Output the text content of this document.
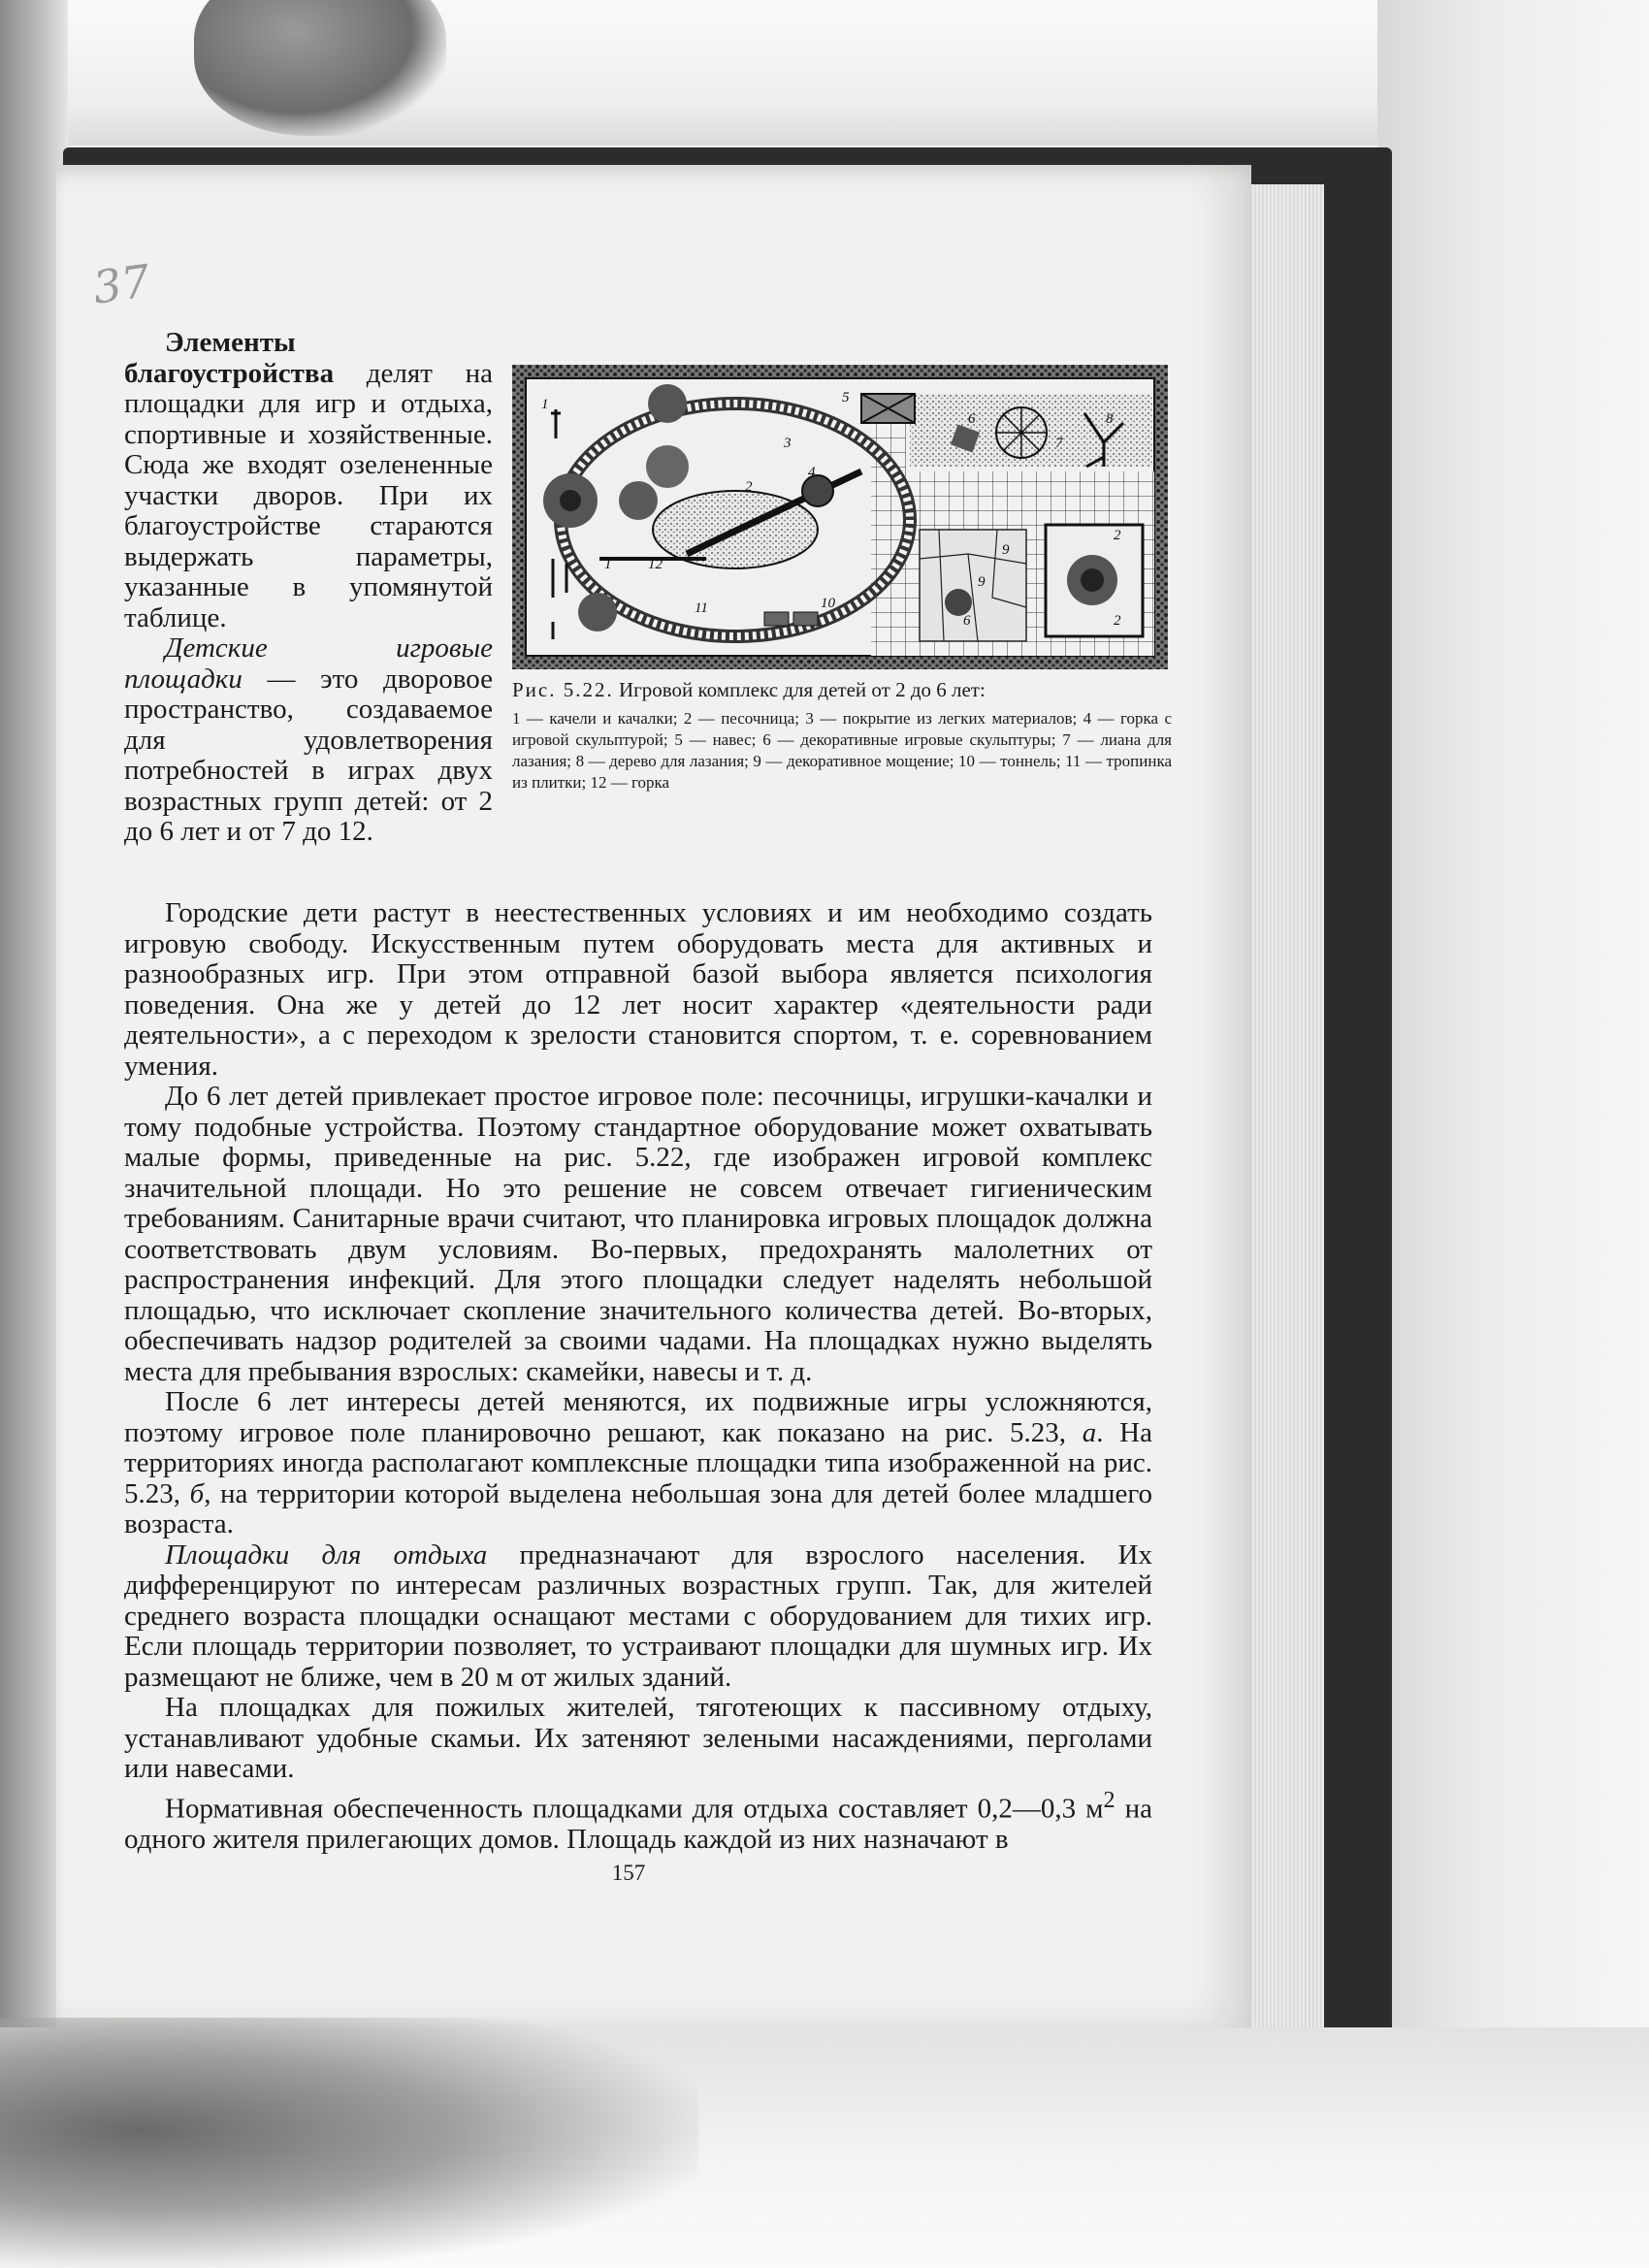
37

Элементы благоустройства делят на площадки для игр и отдыха, спортивные и хозяйственные. Сюда же входят озелененные участки дворов. При их благоустройстве стараются выдержать параметры, указанные в упомянутой таблице.

Детские игровые площадки — это дворовое пространство, создаваемое для удовлетворения потребностей в играх двух возрастных групп детей: от 2 до 6 лет и от 7 до 12.

1
1
2
2
2
3
4
5
6
6
7
8
9
9
10
11
12
Рис. 5.22. Игровой комплекс для детей от 2 до 6 лет:
1 — качели и качалки; 2 — песочница; 3 — покрытие из легких материалов; 4 — горка с игровой скульптурой; 5 — навес; 6 — декоративные игровые скульптуры; 7 — лиана для лазания; 8 — дерево для лазания; 9 — декоративное мощение; 10 — тоннель; 11 — тропинка из плитки; 12 — горка

Городские дети растут в неестественных условиях и им необходимо создать игровую свободу. Искусственным путем оборудовать места для активных и разнообразных игр. При этом отправной базой выбора является психология поведения. Она же у детей до 12 лет носит характер «деятельности ради деятельности», а с переходом к зрелости становится спортом, т. е. соревнованием умения.

До 6 лет детей привлекает простое игровое поле: песочницы, игрушки-качалки и тому подобные устройства. Поэтому стандартное оборудование может охватывать малые формы, приведенные на рис. 5.22, где изображен игровой комплекс значительной площади. Но это решение не совсем отвечает гигиеническим требованиям. Санитарные врачи считают, что планировка игровых площадок должна соответствовать двум условиям. Во-первых, предохранять малолетних от распространения инфекций. Для этого площадки следует наделять небольшой площадью, что исключает скопление значительного количества детей. Во-вторых, обеспечивать надзор родителей за своими чадами. На площадках нужно выделять места для пребывания взрослых: скамейки, навесы и т. д.

После 6 лет интересы детей меняются, их подвижные игры усложняются, поэтому игровое поле планировочно решают, как показано на рис. 5.23, а. На территориях иногда располагают комплексные площадки типа изображенной на рис. 5.23, б, на территории которой выделена небольшая зона для детей более младшего возраста.

Площадки для отдыха предназначают для взрослого населения. Их дифференцируют по интересам различных возрастных групп. Так, для жителей среднего возраста площадки оснащают местами с оборудованием для тихих игр. Если площадь территории позволяет, то устраивают площадки для шумных игр. Их размещают не ближе, чем в 20 м от жилых зданий.

На площадках для пожилых жителей, тяготеющих к пассивному отдыху, устанавливают удобные скамьи. Их затеняют зелеными насаждениями, перголами или навесами.

Нормативная обеспеченность площадками для отдыха составляет 0,2—0,3 $м^2$ на одного жителя прилегающих домов. Площадь каждой из них назначают в

157
